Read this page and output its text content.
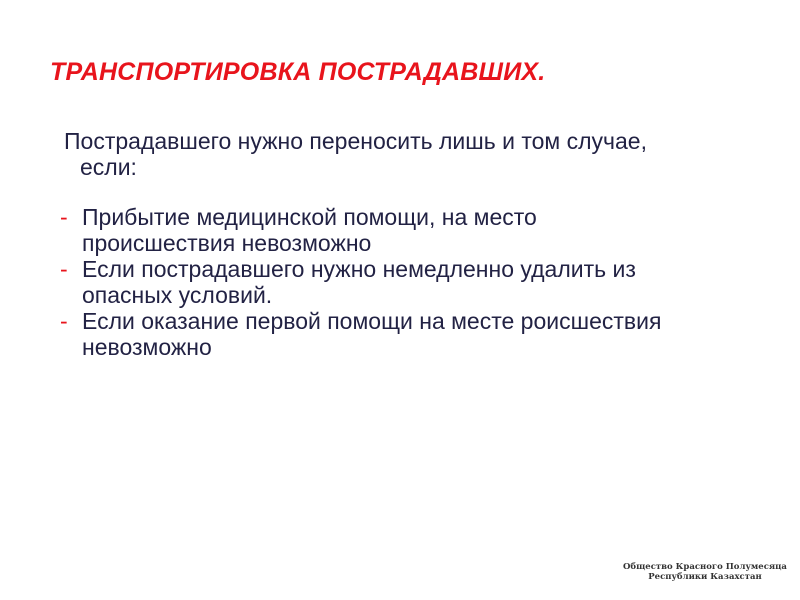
ТРАНСПОРТИРОВКА ПОСТРАДАВШИХ.
Пострадавшего нужно переносить лишь и том случае,
если:
- Прибытие медицинской помощи, на место
происшествия невозможно
- Если пострадавшего нужно немедленно удалить из
опасных условий.
- Если оказание первой помощи на месте роисшествия
невозможно
Общество Красного Полумесяца
Республики Казахстан
